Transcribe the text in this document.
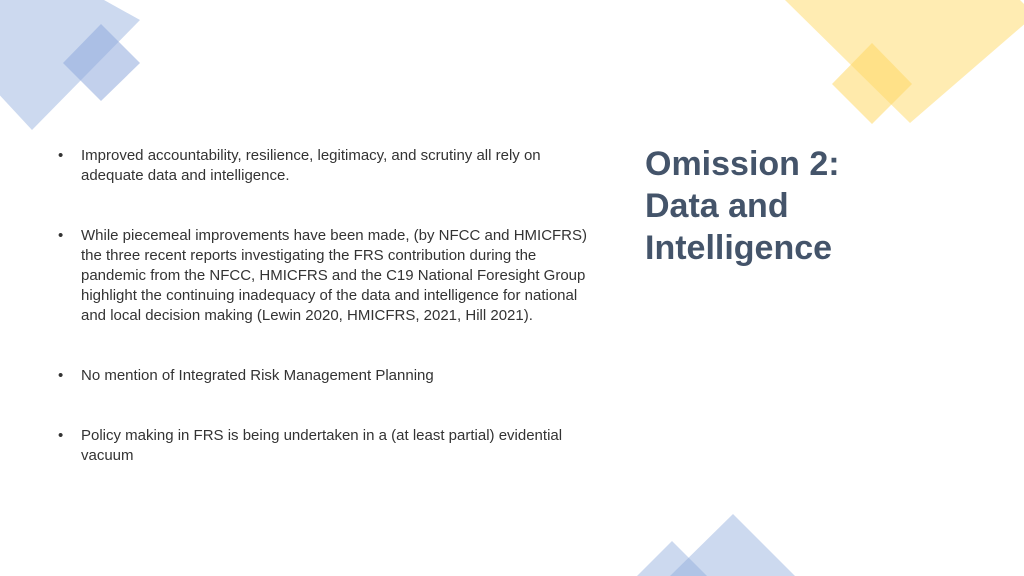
Omission 2:
Data and
Intelligence
• Improved accountability, resilience, legitimacy, and scrutiny all rely on adequate data and intelligence.
• While piecemeal improvements have been made, (by NFCC and HMICFRS) the three recent reports investigating the FRS contribution during the pandemic from the NFCC, HMICFRS and the C19 National Foresight Group highlight the continuing inadequacy of the data and intelligence for national and local decision making (Lewin 2020, HMICFRS, 2021, Hill 2021).
• No mention of Integrated Risk Management Planning
• Policy making in FRS is being undertaken in a (at least partial) evidential vacuum
